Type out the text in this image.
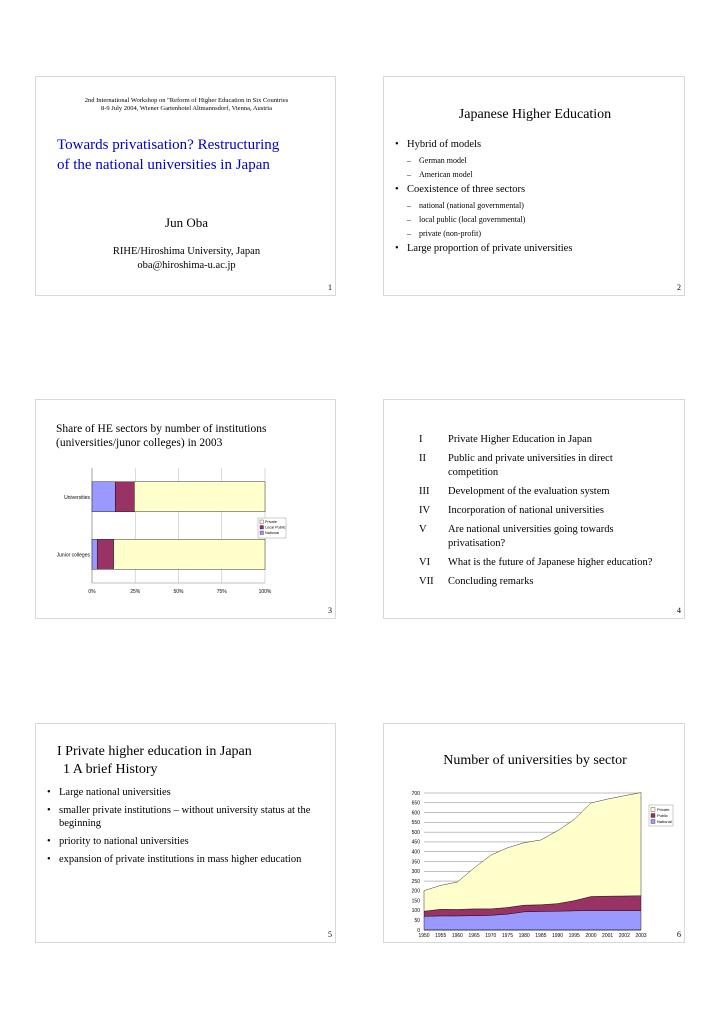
2nd International Workshop on "Reform of Higher Education in Six Countries
8-9 July 2004, Wiener Gartenhotel Altmannsdorf, Vienna, Austria
Towards privatisation? Restructuring
of the national universities in Japan
Jun Oba
RIHE/Hiroshima University, Japan
oba@hiroshima-u.ac.jp
1
Japanese Higher Education
• Hybrid of models
– German model
– American model
• Coexistence of three sectors
– national (national governmental)
– local public (local governmental)
– private (non-profit)
• Large proportion of private universities
2
Share of HE sectors by number of institutions
(universities/junor colleges) in 2003
0%	25%	50%	75%	100%
Universities
Junior colleges
Private
Local Public
National
3
I Private Higher Education in Japan
II Public and private universities in direct competition
III Development of the evaluation system
IV Incorporation of national universities
V Are national universities going towards privatisation?
VI What is the future of Japanese higher education?
VII Concluding remarks
4
I Private higher education in Japan
1 A brief History
• Large national universities
• smaller private institutions – without university status at the beginning
• priority to national universities
• expansion of private institutions in mass higher education
5
Number of universities by sector
0
50
100
150
200
250
300
350
400
450
500
550
600
650
700
1950 1955 1960 1965 1970 1975 1980 1985 1990 1995 2000 2001 2002 2003
Private
Public
National
6
